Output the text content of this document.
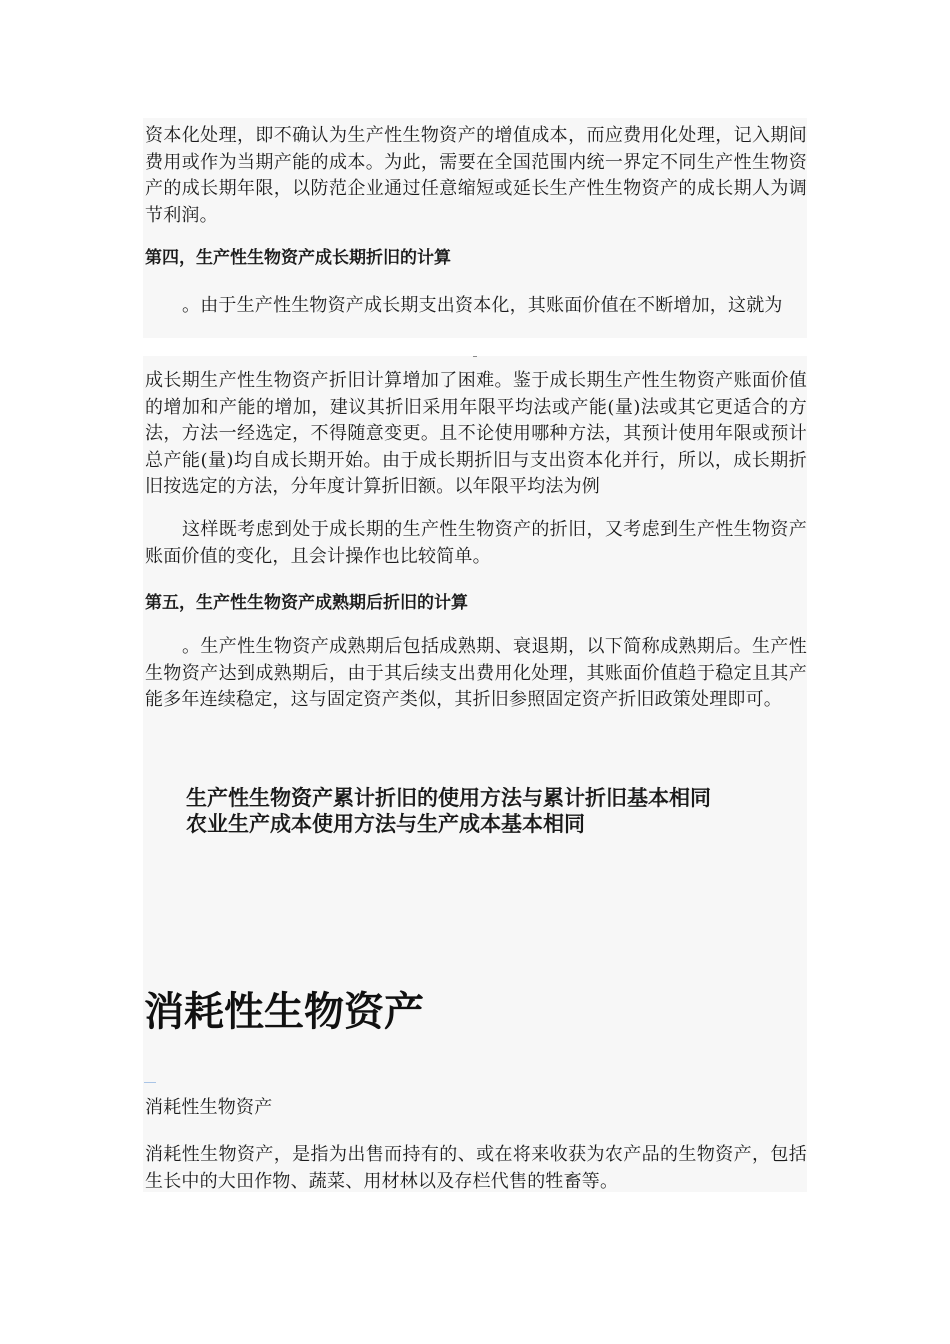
资本化处理，即不确认为生产性生物资产的增值成本，而应费用化处理，记入期间费用或作为当期产能的成本。为此，需要在全国范围内统一界定不同生产性生物资产的成长期年限，以防范企业通过任意缩短或延长生产性生物资产的成长期人为调节利润。

第四，生产性生物资产成长期折旧的计算

。由于生产性生物资产成长期支出资本化，其账面价值在不断增加，这就为

成长期生产性生物资产折旧计算增加了困难。鉴于成长期生产性生物资产账面价值的增加和产能的增加，建议其折旧采用年限平均法或产能(量)法或其它更适合的方法，方法一经选定，不得随意变更。且不论使用哪种方法，其预计使用年限或预计总产能(量)均自成长期开始。由于成长期折旧与支出资本化并行，所以，成长期折旧按选定的方法，分年度计算折旧额。以年限平均法为例

这样既考虑到处于成长期的生产性生物资产的折旧，又考虑到生产性生物资产账面价值的变化，且会计操作也比较简单。

第五，生产性生物资产成熟期后折旧的计算

。生产性生物资产成熟期后包括成熟期、衰退期，以下简称成熟期后。生产性生物资产达到成熟期后，由于其后续支出费用化处理，其账面价值趋于稳定且其产能多年连续稳定，这与固定资产类似，其折旧参照固定资产折旧政策处理即可。

生产性生物资产累计折旧的使用方法与累计折旧基本相同

农业生产成本使用方法与生产成本基本相同

消耗性生物资产

消耗性生物资产

消耗性生物资产，是指为出售而持有的、或在将来收获为农产品的生物资产，包括生长中的大田作物、蔬菜、用材林以及存栏代售的牲畜等。
